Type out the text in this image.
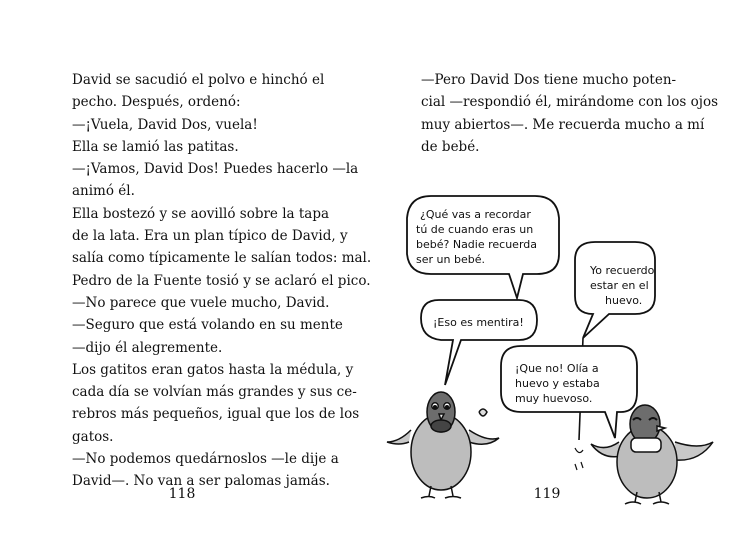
David se sacudió el polvo e hinchó el
pecho. Después, ordenó:
—¡Vuela, David Dos, vuela!
Ella se lamió las patitas.
—¡Vamos, David Dos! Puedes hacerlo —la
animó él.
Ella bostezó y se aovilló sobre la tapa
de la lata. Era un plan típico de David, y
salía como típicamente le salían todos: mal.
Pedro de la Fuente tosió y se aclaró el pico.
—No parece que vuele mucho, David.
—Seguro que está volando en su mente
—dijo él alegremente.
Los gatitos eran gatos hasta la médula, y
cada día se volvían más grandes y sus ce-
rebros más pequeños, igual que los de los
gatos.
—No podemos quedárnoslos —le dije a
David—. No van a ser palomas jamás.
118
—Pero David Dos tiene mucho poten-
cial —respondió él, mirándome con los ojos
muy abiertos—. Me recuerda mucho a mí
de bebé.
¿Qué vas a recordar
tú de cuando eras un
bebé? Nadie recuerda
ser un bebé.
Yo recuerdo
estar en el
huevo.
¡Eso es mentira!
¡Que no! Olía a
huevo y estaba
muy huevoso.
119
